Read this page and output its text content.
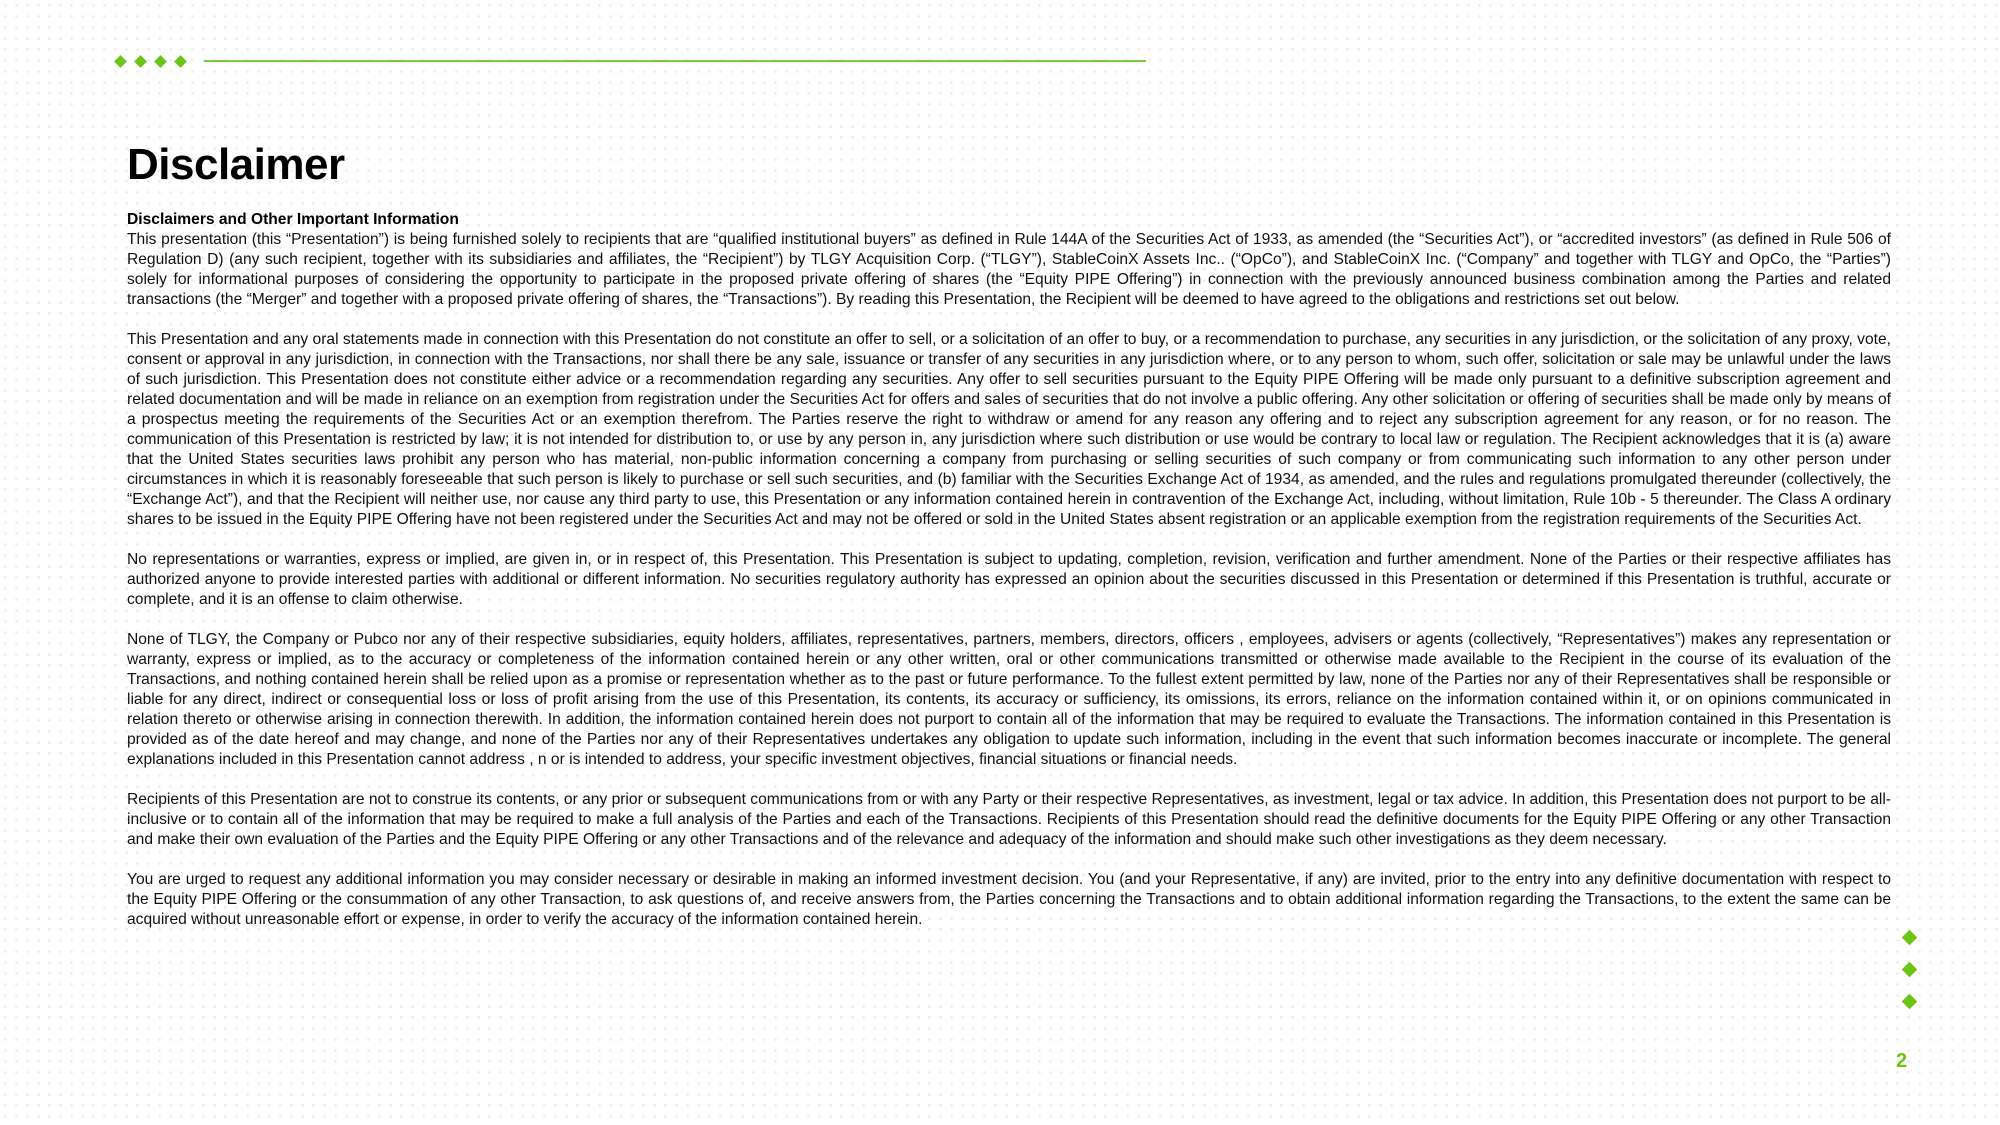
Disclaimer
Disclaimers and Other Important Information

This presentation (this “Presentation”) is being furnished solely to recipients that are “qualified institutional buyers” as defined in Rule 144A of the Securities Act of 1933, as amended (the “Securities Act”), or “accredited investors” (as defined in Rule 506 of Regulation D) (any such recipient, together with its subsidiaries and affiliates, the “Recipient”) by TLGY Acquisition Corp. (“TLGY”), StableCoinX Assets Inc.. (“OpCo”), and StableCoinX Inc. (“Company” and together with TLGY and OpCo, the “Parties”) solely for informational purposes of considering the opportunity to participate in the proposed private offering of shares (the “Equity PIPE Offering”) in connection with the previously announced business combination among the Parties and related transactions (the “Merger” and together with a proposed private offering of shares, the “Transactions”). By reading this Presentation, the Recipient will be deemed to have agreed to the obligations and restrictions set out below.

This Presentation and any oral statements made in connection with this Presentation do not constitute an offer to sell, or a solicitation of an offer to buy, or a recommendation to purchase, any securities in any jurisdiction, or the solicitation of any proxy, vote, consent or approval in any jurisdiction, in connection with the Transactions, nor shall there be any sale, issuance or transfer of any securities in any jurisdiction where, or to any person to whom, such offer, solicitation or sale may be unlawful under the laws of such jurisdiction. This Presentation does not constitute either advice or a recommendation regarding any securities. Any offer to sell securities pursuant to the Equity PIPE Offering will be made only pursuant to a definitive subscription agreement and related documentation and will be made in reliance on an exemption from registration under the Securities Act for offers and sales of securities that do not involve a public offering. Any other solicitation or offering of securities shall be made only by means of a prospectus meeting the requirements of the Securities Act or an exemption therefrom. The Parties reserve the right to withdraw or amend for any reason any offering and to reject any subscription agreement for any reason, or for no reason. The communication of this Presentation is restricted by law; it is not intended for distribution to, or use by any person in, any jurisdiction where such distribution or use would be contrary to local law or regulation. The Recipient acknowledges that it is (a) aware that the United States securities laws prohibit any person who has material, non-public information concerning a company from purchasing or selling securities of such company or from communicating such information to any other person under circumstances in which it is reasonably foreseeable that such person is likely to purchase or sell such securities, and (b) familiar with the Securities Exchange Act of 1934, as amended, and the rules and regulations promulgated thereunder (collectively, the “Exchange Act”), and that the Recipient will neither use, nor cause any third party to use, this Presentation or any information contained herein in contravention of the Exchange Act, including, without limitation, Rule 10b - 5 thereunder. The Class A ordinary shares to be issued in the Equity PIPE Offering have not been registered under the Securities Act and may not be offered or sold in the United States absent registration or an applicable exemption from the registration requirements of the Securities Act.

No representations or warranties, express or implied, are given in, or in respect of, this Presentation. This Presentation is subject to updating, completion, revision, verification and further amendment. None of the Parties or their respective affiliates has authorized anyone to provide interested parties with additional or different information. No securities regulatory authority has expressed an opinion about the securities discussed in this Presentation or determined if this Presentation is truthful, accurate or complete, and it is an offense to claim otherwise.

None of TLGY, the Company or Pubco nor any of their respective subsidiaries, equity holders, affiliates, representatives, partners, members, directors, officers , employees, advisers or agents (collectively, “Representatives”) makes any representation or warranty, express or implied, as to the accuracy or completeness of the information contained herein or any other written, oral or other communications transmitted or otherwise made available to the Recipient in the course of its evaluation of the Transactions, and nothing contained herein shall be relied upon as a promise or representation whether as to the past or future performance. To the fullest extent permitted by law, none of the Parties nor any of their Representatives shall be responsible or liable for any direct, indirect or consequential loss or loss of profit arising from the use of this Presentation, its contents, its accuracy or sufficiency, its omissions, its errors, reliance on the information contained within it, or on opinions communicated in relation thereto or otherwise arising in connection therewith. In addition, the information contained herein does not purport to contain all of the information that may be required to evaluate the Transactions. The information contained in this Presentation is provided as of the date hereof and may change, and none of the Parties nor any of their Representatives undertakes any obligation to update such information, including in the event that such information becomes inaccurate or incomplete. The general explanations included in this Presentation cannot address , n or is intended to address, your specific investment objectives, financial situations or financial needs.

Recipients of this Presentation are not to construe its contents, or any prior or subsequent communications from or with any Party or their respective Representatives, as investment, legal or tax advice. In addition, this Presentation does not purport to be all-inclusive or to contain all of the information that may be required to make a full analysis of the Parties and each of the Transactions. Recipients of this Presentation should read the definitive documents for the Equity PIPE Offering or any other Transaction and make their own evaluation of the Parties and the Equity PIPE Offering or any other Transactions and of the relevance and adequacy of the information and should make such other investigations as they deem necessary.

You are urged to request any additional information you may consider necessary or desirable in making an informed investment decision. You (and your Representative, if any) are invited, prior to the entry into any definitive documentation with respect to the Equity PIPE Offering or the consummation of any other Transaction, to ask questions of, and receive answers from, the Parties concerning the Transactions and to obtain additional information regarding the Transactions, to the extent the same can be acquired without unreasonable effort or expense, in order to verify the accuracy of the information contained herein.

2
